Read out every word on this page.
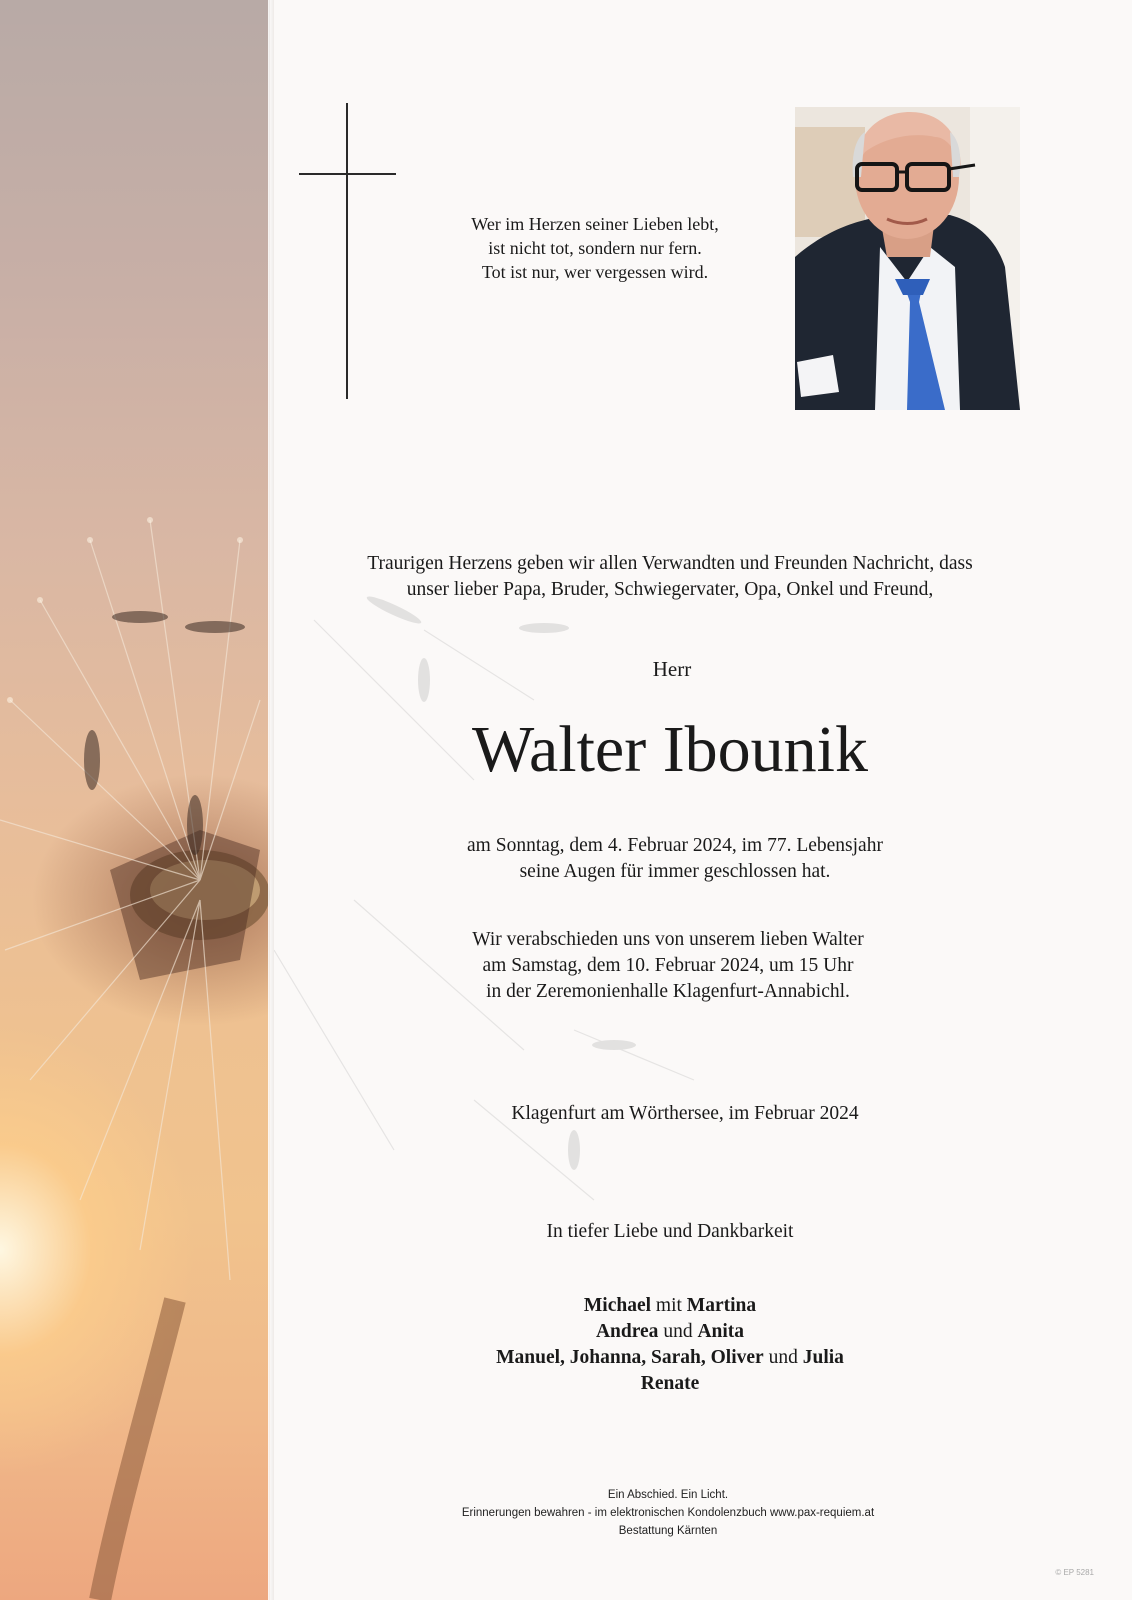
Wer im Herzen seiner Lieben lebt,
ist nicht tot, sondern nur fern.
Tot ist nur, wer vergessen wird.
Traurigen Herzens geben wir allen Verwandten und Freunden Nachricht, dass
unser lieber Papa, Bruder, Schwiegervater, Opa, Onkel und Freund,
Herr
Walter Ibounik
am Sonntag, dem 4. Februar 2024, im 77. Lebensjahr
seine Augen für immer geschlossen hat.
Wir verabschieden uns von unserem lieben Walter
am Samstag, dem 10. Februar 2024, um 15 Uhr
in der Zeremonienhalle Klagenfurt-Annabichl.
Klagenfurt am Wörthersee, im Februar 2024
In tiefer Liebe und Dankbarkeit
Michael mit Martina
Andrea und Anita
Manuel, Johanna, Sarah, Oliver und Julia
Renate
Ein Abschied. Ein Licht.
Erinnerungen bewahren - im elektronischen Kondolenzbuch www.pax-requiem.at
Bestattung Kärnten
© EP 5281
